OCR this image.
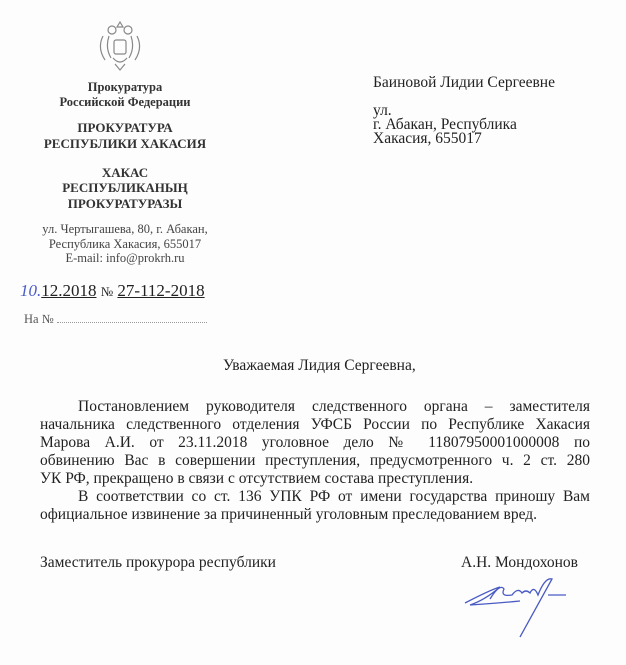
Прокуратура
Российской Федерации
ПРОКУРАТУРА
РЕСПУБЛИКИ ХАКАСИЯ
ХАКАС
РЕСПУБЛИКАНЫҢ
ПРОКУРАТУРАЗЫ
ул. Чертыгашева, 80, г. Абакан,
Республика Хакасия, 655017
E-mail: info@prokrh.ru
10.12.2018 № 27-112-2018
На №
Баиновой Лидии Сергеевне
ул.
г. Абакан, Республика
Хакасия, 655017
Уважаемая Лидия Сергеевна,
Постановлением руководителя следственного органа – заместителя
начальника следственного отделения УФСБ России по Республике Хакасия
Марова А.И. от 23.11.2018 уголовное дело № 11807950001000008 по
обвинению Вас в совершении преступления, предусмотренного ч. 2 ст. 280
УК РФ, прекращено в связи с отсутствием состава преступления.
В соответствии со ст. 136 УПК РФ от имени государства приношу Вам
официальное извинение за причиненный уголовным преследованием вред.
Заместитель прокурора республики	А.Н. Мондохонов
